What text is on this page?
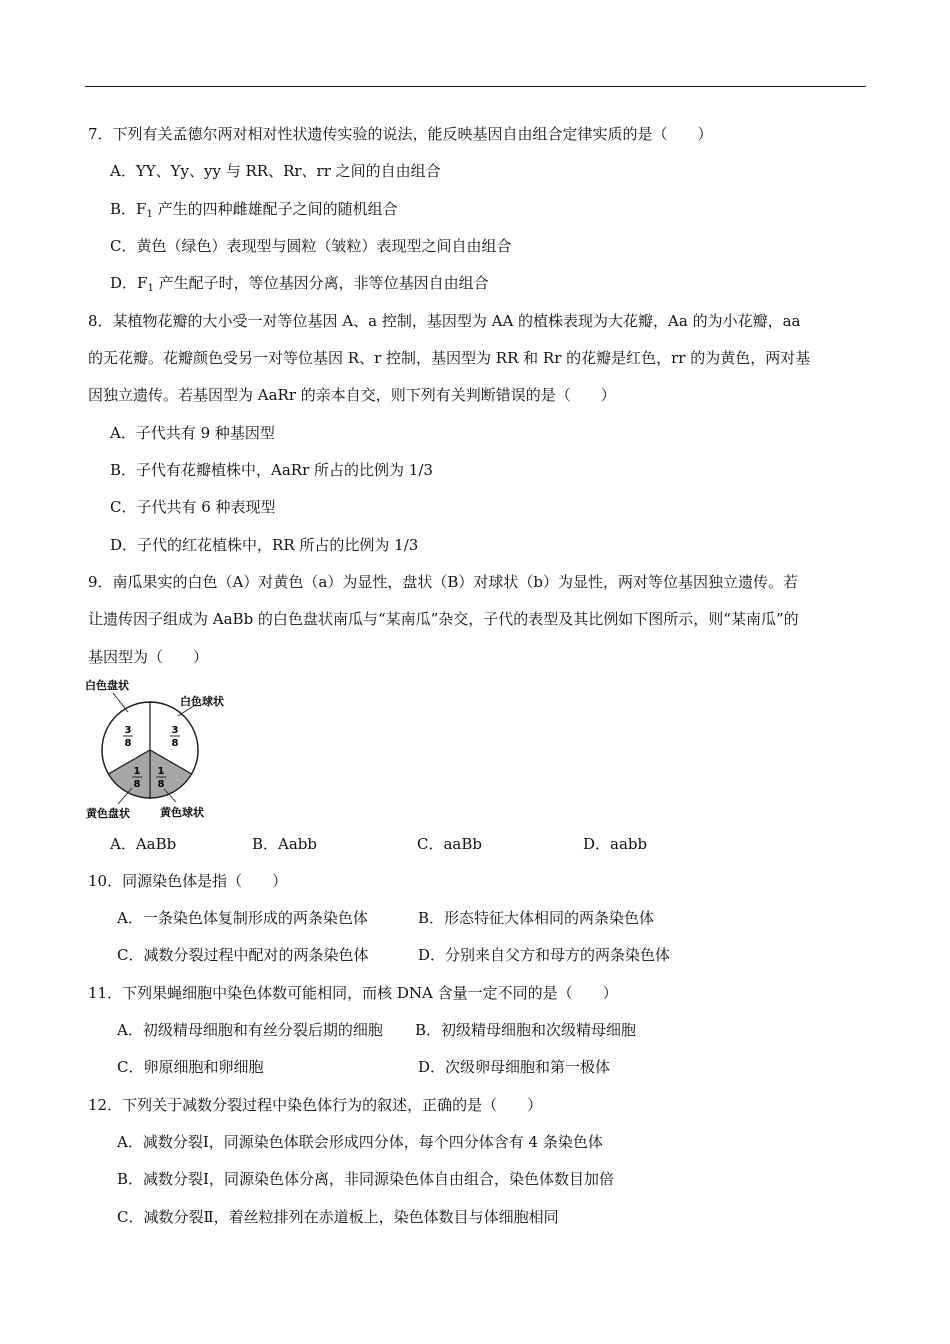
7．下列有关孟德尔两对相对性状遗传实验的说法，能反映基因自由组合定律实质的是（　　）
A．YY、Yy、yy 与 RR、Rr、rr 之间的自由组合
B．$F_1$ 产生的四种雌雄配子之间的随机组合
C．黄色（绿色）表现型与圆粒（皱粒）表现型之间自由组合
D．$F_1$ 产生配子时，等位基因分离，非等位基因自由组合
8．某植物花瓣的大小受一对等位基因 A、a 控制，基因型为 AA 的植株表现为大花瓣，Aa 的为小花瓣，aa
的无花瓣。花瓣颜色受另一对等位基因 R、r 控制，基因型为 RR 和 Rr 的花瓣是红色，rr 的为黄色，两对基
因独立遗传。若基因型为 AaRr 的亲本自交，则下列有关判断错误的是（　　）
A．子代共有 9 种基因型
B．子代有花瓣植株中，AaRr 所占的比例为 1/3
C．子代共有 6 种表现型
D．子代的红花植株中，RR 所占的比例为 1/3
9．南瓜果实的白色（A）对黄色（a）为显性，盘状（B）对球状（b）为显性，两对等位基因独立遗传。若
让遗传因子组成为 AaBb 的白色盘状南瓜与“某南瓜”杂交，子代的表型及其比例如下图所示，则“某南瓜”的
基因型为（　　）
3
8
3
8
1
8
1
8
白色盘状
白色球状
黄色球状
黄色盘状
A．AaBb	B．Aabb	C．aaBb	D．aabb
10．同源染色体是指（　　）
A．一条染色体复制形成的两条染色体	B．形态特征大体相同的两条染色体
C．减数分裂过程中配对的两条染色体	D．分别来自父方和母方的两条染色体
11．下列果蝇细胞中染色体数可能相同，而核 DNA 含量一定不同的是（　　）
A．初级精母细胞和有丝分裂后期的细胞 B．初级精母细胞和次级精母细胞
C．卵原细胞和卵细胞	D．次级卵母细胞和第一极体
12．下列关于减数分裂过程中染色体行为的叙述，正确的是（　　）
A．减数分裂Ⅰ，同源染色体联会形成四分体，每个四分体含有 4 条染色体
B．减数分裂Ⅰ，同源染色体分离，非同源染色体自由组合，染色体数目加倍
C．减数分裂Ⅱ，着丝粒排列在赤道板上，染色体数目与体细胞相同
